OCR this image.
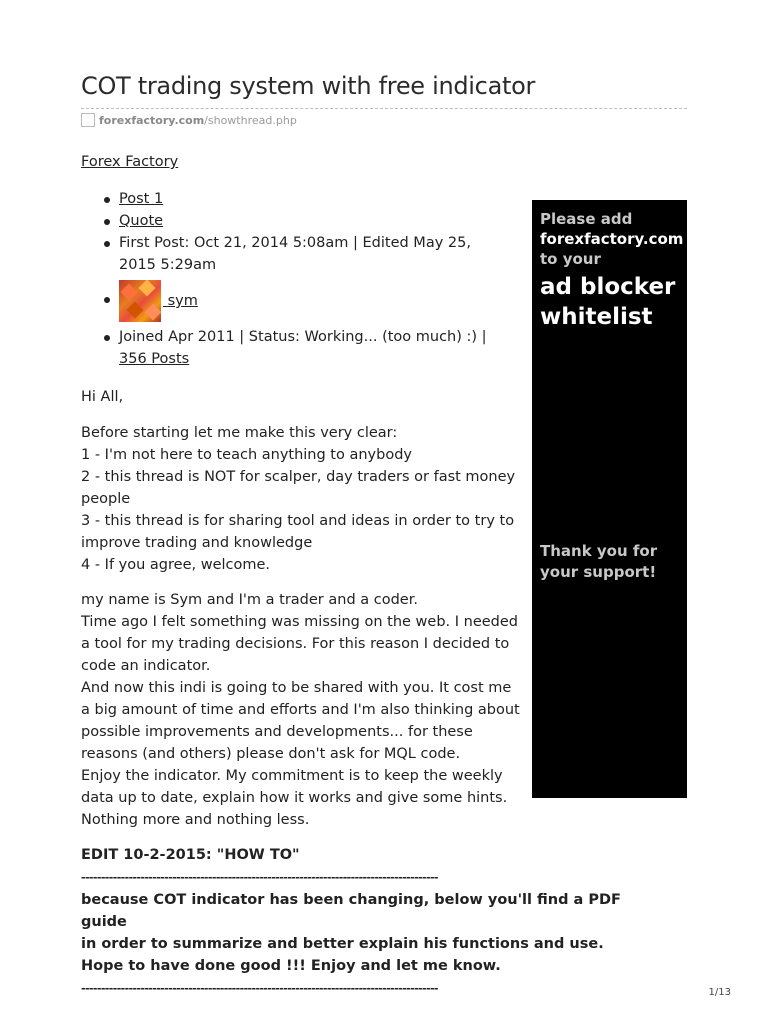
COT trading system with free indicator
forexfactory.com /showthread.php
Forex Factory
Post 1
Quote
First Post: Oct 21, 2014 5:08am | Edited May 25, 2015 5:29am
sym
Joined Apr 2011 | Status: Working... (too much) :) | 356 Posts

Hi All,

Before starting let me make this very clear:
1 - I'm not here to teach anything to anybody
2 - this thread is NOT for scalper, day traders or fast money people
3 - this thread is for sharing tool and ideas in order to try to improve trading and knowledge
4 - If you agree, welcome.

my name is Sym and I'm a trader and a coder.
Time ago I felt something was missing on the web. I needed a tool for my trading decisions. For this reason I decided to code an indicator.
And now this indi is going to be shared with you. It cost me a big amount of time and efforts and I'm also thinking about possible improvements and developments... for these reasons (and others) please don't ask for MQL code.
Enjoy the indicator. My commitment is to keep the weekly data up to date, explain how it works and give some hints.
Nothing more and nothing less.

EDIT 10-2-2015: "HOW TO"
------------------------------------------------------------------------------------------
because COT indicator has been changing, below you'll find a PDF guide
in order to summarize and better explain his functions and use.
Hope to have done good !!! Enjoy and let me know.
------------------------------------------------------------------------------------------

Please add
forexfactory.com
to your
ad blocker
whitelist
Thank you for
your support!
1/13
